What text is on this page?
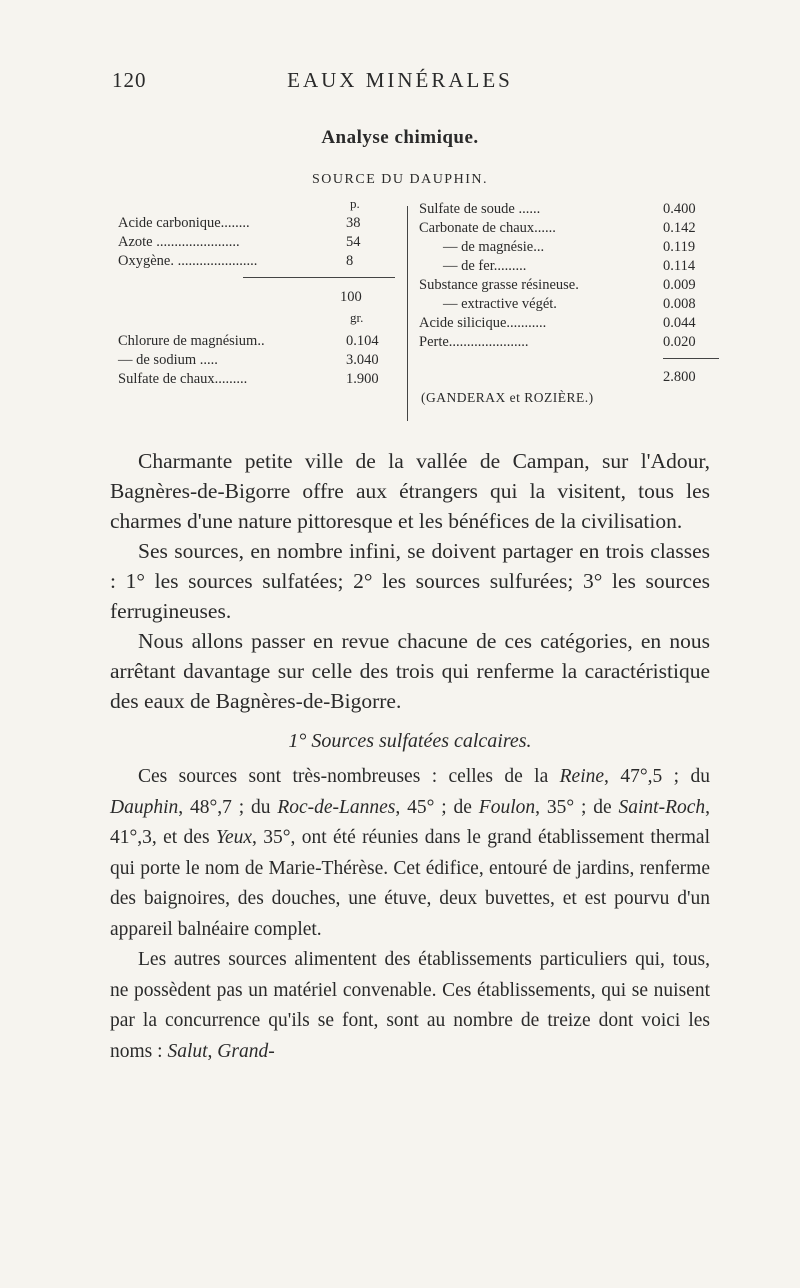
120	EAUX MINÉRALES
Analyse chimique.
SOURCE DU DAUPHIN.
p.
Acide carbonique........	38
Azote .......................	54
Oxygène. ......................	8
100
gr.
Chlorure de magnésium..	0.104
— de sodium .....	3.040
Sulfate de chaux.........	1.900
Sulfate de soude ......	0.400
Carbonate de chaux......	0.142
— de magnésie...	0.119
— de fer.........	0.114
Substance grasse résineuse.	0.009
— extractive végét.	0.008
Acide silicique...........	0.044
Perte......................	0.020
2.800
(GANDERAX et ROZIÈRE.)

Charmante petite ville de la vallée de Campan, sur l'Adour, Bagnères-de-Bigorre offre aux étrangers qui la visitent, tous les charmes d'une nature pittoresque et les bénéfices de la civilisation.

Ses sources, en nombre infini, se doivent partager en trois classes : 1° les sources sulfatées; 2° les sources sulfurées; 3° les sources ferrugineuses.

Nous allons passer en revue chacune de ces catégories, en nous arrêtant davantage sur celle des trois qui renferme la caractéristique des eaux de Bagnères-de-Bigorre.

1° Sources sulfatées calcaires.

Ces sources sont très-nombreuses : celles de la Reine, 47°,5 ; du Dauphin, 48°,7 ; du Roc-de-Lannes, 45° ; de Foulon, 35° ; de Saint-Roch, 41°,3, et des Yeux, 35°, ont été réunies dans le grand établissement thermal qui porte le nom de Marie-Thérèse. Cet édifice, entouré de jardins, renferme des baignoires, des douches, une étuve, deux buvettes, et est pourvu d'un appareil balnéaire complet.

Les autres sources alimentent des établissements particuliers qui, tous, ne possèdent pas un matériel convenable. Ces établissements, qui se nuisent par la concurrence qu'ils se font, sont au nombre de treize dont voici les noms : Salut, Grand-
